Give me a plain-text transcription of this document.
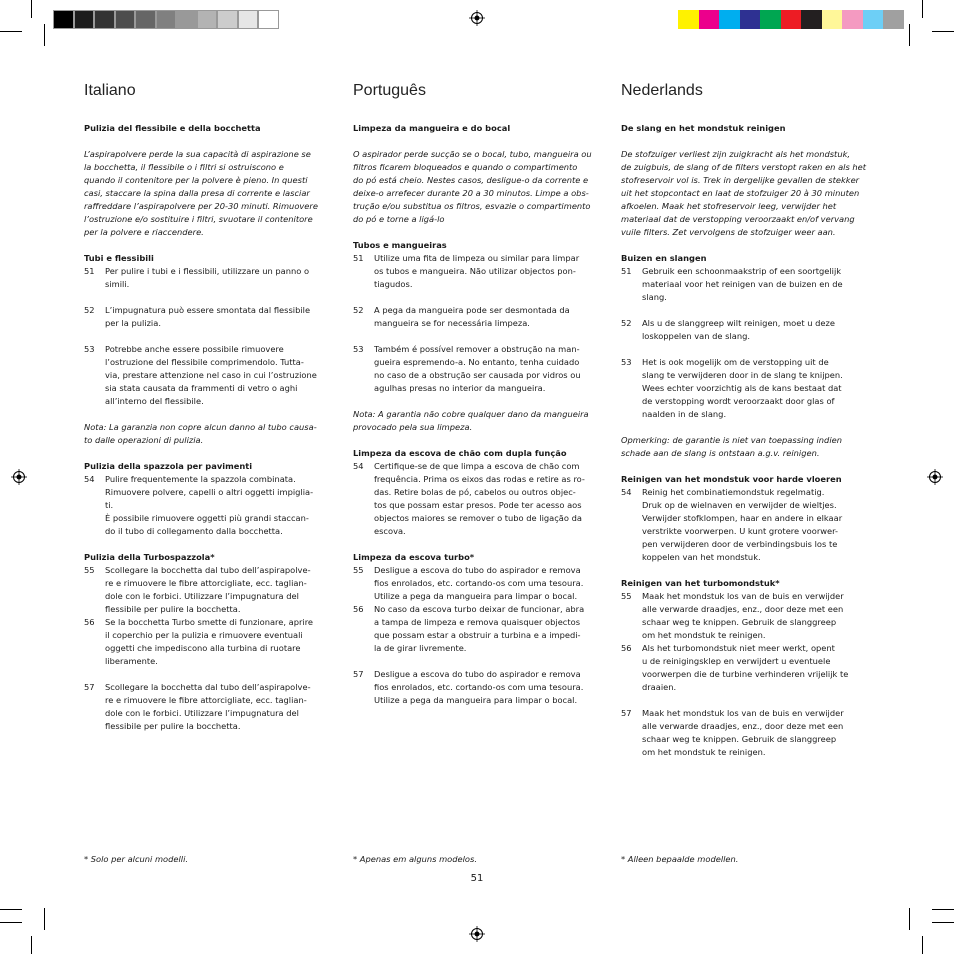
Italiano

Pulizia del flessibile e della bocchetta

L’aspirapolvere perde la sua capacità di aspirazione se
la bocchetta, il flessibile o i filtri si ostruiscono e
quando il contenitore per la polvere è pieno. In questi
casi, staccare la spina dalla presa di corrente e lasciar
raffreddare l’aspirapolvere per 20-30 minuti. Rimuovere
l’ostruzione e/o sostituire i filtri, svuotare il contenitore
per la polvere e riaccendere.

Tubi e flessibili

51	Per pulire i tubi e i flessibili, utilizzare un panno o
simili.
52	L’impugnatura può essere smontata dal flessibile
per la pulizia.
53	Potrebbe anche essere possibile rimuovere
l’ostruzione del flessibile comprimendolo. Tutta-
via, prestare attenzione nel caso in cui l’ostruzione
sia stata causata da frammenti di vetro o aghi
all’interno del flessibile.
Nota: La garanzia non copre alcun danno al tubo causa-
to dalle operazioni di pulizia.

Pulizia della spazzola per pavimenti

54	Pulire frequentemente la spazzola combinata.
Rimuovere polvere, capelli o altri oggetti impiglia-
ti.
È possibile rimuovere oggetti più grandi staccan-
do il tubo di collegamento dalla bocchetta.

Pulizia della Turbospazzola*

55	Scollegare la bocchetta dal tubo dell’aspirapolve-
re e rimuovere le fibre attorcigliate, ecc. taglian-
dole con le forbici. Utilizzare l’impugnatura del
flessibile per pulire la bocchetta.
56	Se la bocchetta Turbo smette di funzionare, aprire
il coperchio per la pulizia e rimuovere eventuali
oggetti che impediscono alla turbina di ruotare
liberamente.
57	Scollegare la bocchetta dal tubo dell’aspirapolve-
re e rimuovere le fibre attorcigliate, ecc. taglian-
dole con le forbici. Utilizzare l’impugnatura del
flessibile per pulire la bocchetta.
Português

Limpeza da mangueira e do bocal

O aspirador perde sucção se o bocal, tubo, mangueira ou
filtros ficarem bloqueados e quando o compartimento
do pó está cheio. Nestes casos, desligue-o da corrente e
deixe-o arrefecer durante 20 a 30 minutos. Limpe a obs-
trução e/ou substitua os filtros, esvazie o compartimento
do pó e torne a ligá-lo

Tubos e mangueiras

51	Utilize uma fita de limpeza ou similar para limpar
os tubos e mangueira. Não utilizar objectos pon-
tiagudos.
52	A pega da mangueira pode ser desmontada da
mangueira se for necessária limpeza.
53	Também é possível remover a obstrução na man-
gueira espremendo-a. No entanto, tenha cuidado
no caso de a obstrução ser causada por vidros ou
agulhas presas no interior da mangueira.
Nota: A garantia não cobre qualquer dano da mangueira
provocado pela sua limpeza.

Limpeza da escova de chão com dupla função

54	Certifique-se de que limpa a escova de chão com
frequência. Prima os eixos das rodas e retire as ro-
das. Retire bolas de pó, cabelos ou outros objec-
tos que possam estar presos. Pode ter acesso aos
objectos maiores se remover o tubo de ligação da
escova.

Limpeza da escova turbo*

55	Desligue a escova do tubo do aspirador e remova
fios enrolados, etc. cortando-os com uma tesoura.
Utilize a pega da mangueira para limpar o bocal.
56	No caso da escova turbo deixar de funcionar, abra
a tampa de limpeza e remova quaisquer objectos
que possam estar a obstruir a turbina e a impedi-
la de girar livremente.
57	Desligue a escova do tubo do aspirador e remova
fios enrolados, etc. cortando-os com uma tesoura.
Utilize a pega da mangueira para limpar o bocal.
Nederlands

De slang en het mondstuk reinigen

De stofzuiger verliest zijn zuigkracht als het mondstuk,
de zuigbuis, de slang of de filters verstopt raken en als het
stofreservoir vol is. Trek in dergelijke gevallen de stekker
uit het stopcontact en laat de stofzuiger 20 à 30 minuten
afkoelen. Maak het stofreservoir leeg, verwijder het
materiaal dat de verstopping veroorzaakt en/of vervang
vuile filters. Zet vervolgens de stofzuiger weer aan.

Buizen en slangen

51	Gebruik een schoonmaakstrip of een soortgelijk
materiaal voor het reinigen van de buizen en de
slang.
52	Als u de slanggreep wilt reinigen, moet u deze
loskoppelen van de slang.
53	Het is ook mogelijk om de verstopping uit de
slang te verwijderen door in de slang te knijpen.
Wees echter voorzichtig als de kans bestaat dat
de verstopping wordt veroorzaakt door glas of
naalden in de slang.
Opmerking: de garantie is niet van toepassing indien
schade aan de slang is ontstaan a.g.v. reinigen.

Reinigen van het mondstuk voor harde vloeren

54	Reinig het combinatiemondstuk regelmatig.
Druk op de wielnaven en verwijder de wieltjes.
Verwijder stofklompen, haar en andere in elkaar
verstrikte voorwerpen. U kunt grotere voorwer-
pen verwijderen door de verbindingsbuis los te
koppelen van het mondstuk.

Reinigen van het turbomondstuk*

55	Maak het mondstuk los van de buis en verwijder
alle verwarde draadjes, enz., door deze met een
schaar weg te knippen. Gebruik de slanggreep
om het mondstuk te reinigen.
56	Als het turbomondstuk niet meer werkt, opent
u de reinigingsklep en verwijdert u eventuele
voorwerpen die de turbine verhinderen vrijelijk te
draaien.
57	Maak het mondstuk los van de buis en verwijder
alle verwarde draadjes, enz., door deze met een
schaar weg te knippen. Gebruik de slanggreep
om het mondstuk te reinigen.
* Solo per alcuni modelli.	* Apenas em alguns modelos.	* Alleen bepaalde modellen.
51
